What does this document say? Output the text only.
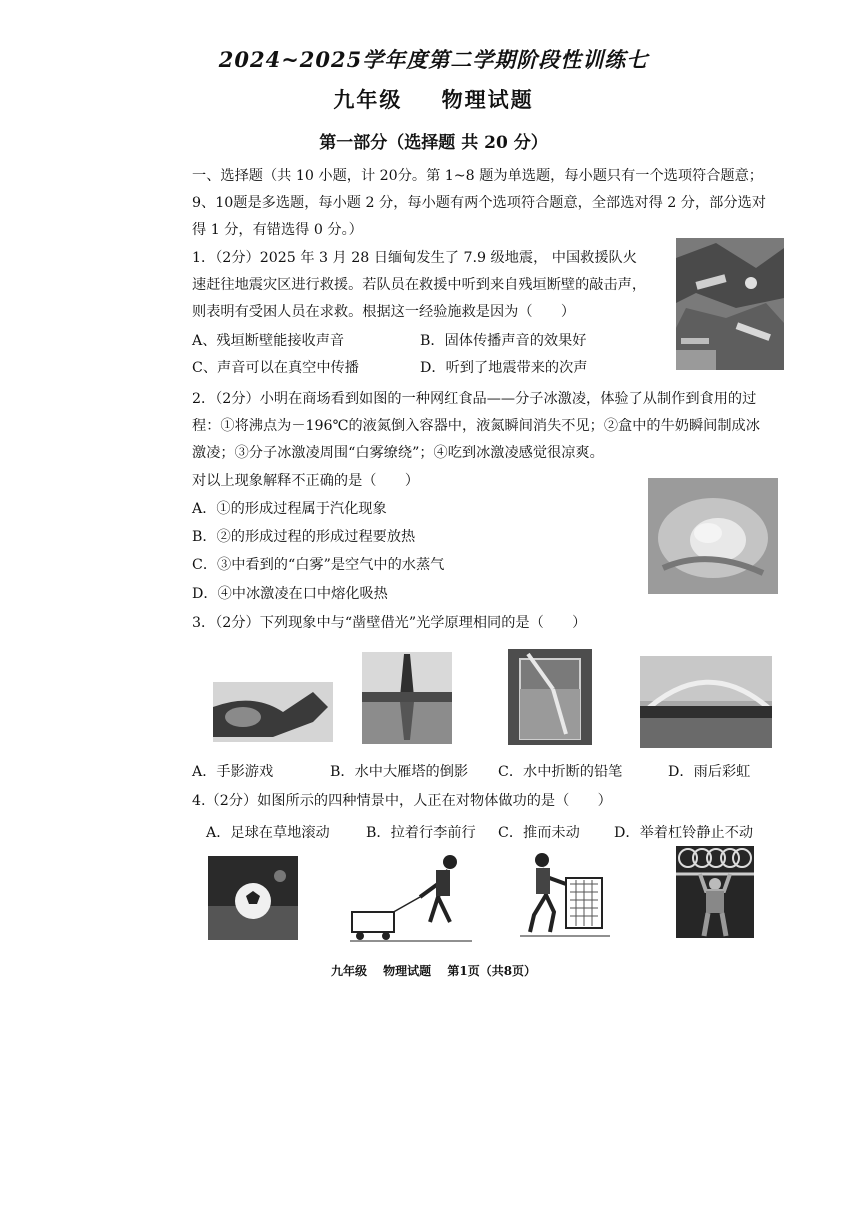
2024~2025学年度第二学期阶段性训练七
九年级 物理试题
第一部分（选择题 共 20 分）
一、选择题（共 10 小题，计 20分。第 1~8 题为单选题，每小题只有一个选项符合题意；
9、10题是多选题，每小题 2 分，每小题有两个选项符合题意，全部选对得 2 分，部分选对
得 1 分，有错选得 0 分。）
1．（2分）2025 年 3 月 28 日缅甸发生了 7.9 级地震， 中国救援队火
速赶往地震灾区进行救援。若队员在救援中听到来自残垣断壁的敲击声，
则表明有受困人员在求救。根据这一经验施救是因为（　　）
A、残垣断壁能接收声音	B．固体传播声音的效果好
C、声音可以在真空中传播	D．听到了地震带来的次声
2．（2分）小明在商场看到如图的一种网红食品——分子冰激凌，体验了从制作到食用的过
程：①将沸点为－196℃的液氮倒入容器中，液氮瞬间消失不见；②盒中的牛奶瞬间制成冰
激凌；③分子冰激凌周围“白雾缭绕”；④吃到冰激凌感觉很凉爽。
对以上现象解释不正确的是（　　）
A．①的形成过程属于汽化现象
B．②的形成过程的形成过程要放热
C．③中看到的“白雾”是空气中的水蒸气
D．④中冰激凌在口中熔化吸热
3．（2分）下列现象中与“凿壁借光”光学原理相同的是（　　）
A．手影游戏	B．水中大雁塔的倒影 C．水中折断的铅笔	D．雨后彩虹
4.（2分）如图所示的四种情景中，人正在对物体做功的是（　　）
A．足球在草地滚动	B．拉着行李前行 C．推而未动 D．举着杠铃静止不动
九年级 物理试题 第1页（共8页）
